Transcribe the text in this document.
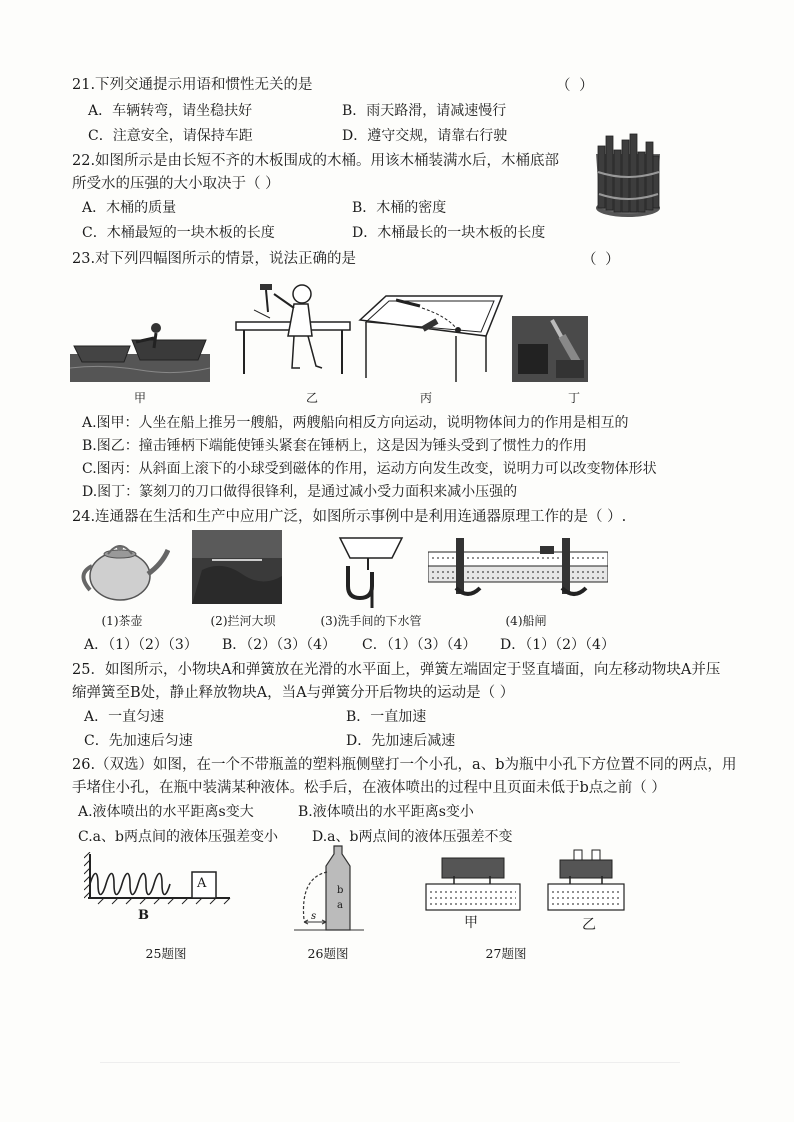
21.下列交通提示用语和惯性无关的是	（ ）
A．车辆转弯，请坐稳扶好	B．雨天路滑，请减速慢行
C．注意安全，请保持车距	D．遵守交规，请靠右行驶
22.如图所示是由长短不齐的木板围成的木桶。用该木桶装满水后，木桶底部
所受水的压强的大小取决于（ ）
A．木桶的质量	B．木桶的密度
C．木桶最短的一块木板的长度	D．木桶最长的一块木板的长度
23.对下列四幅图所示的情景，说法正确的是	（ ）
甲	乙	丙	丁
A.图甲：人坐在船上推另一艘船，两艘船向相反方向运动，说明物体间力的作用是相互的
B.图乙：撞击锤柄下端能使锤头紧套在锤柄上，这是因为锤头受到了惯性力的作用
C.图丙：从斜面上滚下的小球受到磁体的作用，运动方向发生改变，说明力可以改变物体形状
D.图丁：篆刻刀的刀口做得很锋利，是通过减小受力面积来减小压强的
24.连通器在生活和生产中应用广泛，如图所示事例中是利用连通器原理工作的是（ ）.
(1)茶壶	(2)拦河大坝	(3)洗手间的下水管	(4)船闸
A．（1）（2）（3） B．（2）（3）（4） C．（1）（3）（4） D．（1）（2）（4）
25．如图所示，小物块A和弹簧放在光滑的水平面上，弹簧左端固定于竖直墙面，向左移动物块A并压
缩弹簧至B处，静止释放物块A，当A与弹簧分开后物块的运动是（ ）
A．一直匀速	B．一直加速
C．先加速后匀速	D．先加速后减速
26.（双选）如图，在一个不带瓶盖的塑料瓶侧壁打一个小孔，a、b为瓶中小孔下方位置不同的两点，用
手堵住小孔，在瓶中装满某种液体。松手后，在液体喷出的过程中且页面未低于b点之前（ ）
A.液体喷出的水平距离s变大	B.液体喷出的水平距离s变小
C.a、b两点间的液体压强差变小 D.a、b两点间的液体压强差不变
A
B
25题图
b
a
s
26题图
甲	乙
27题图
